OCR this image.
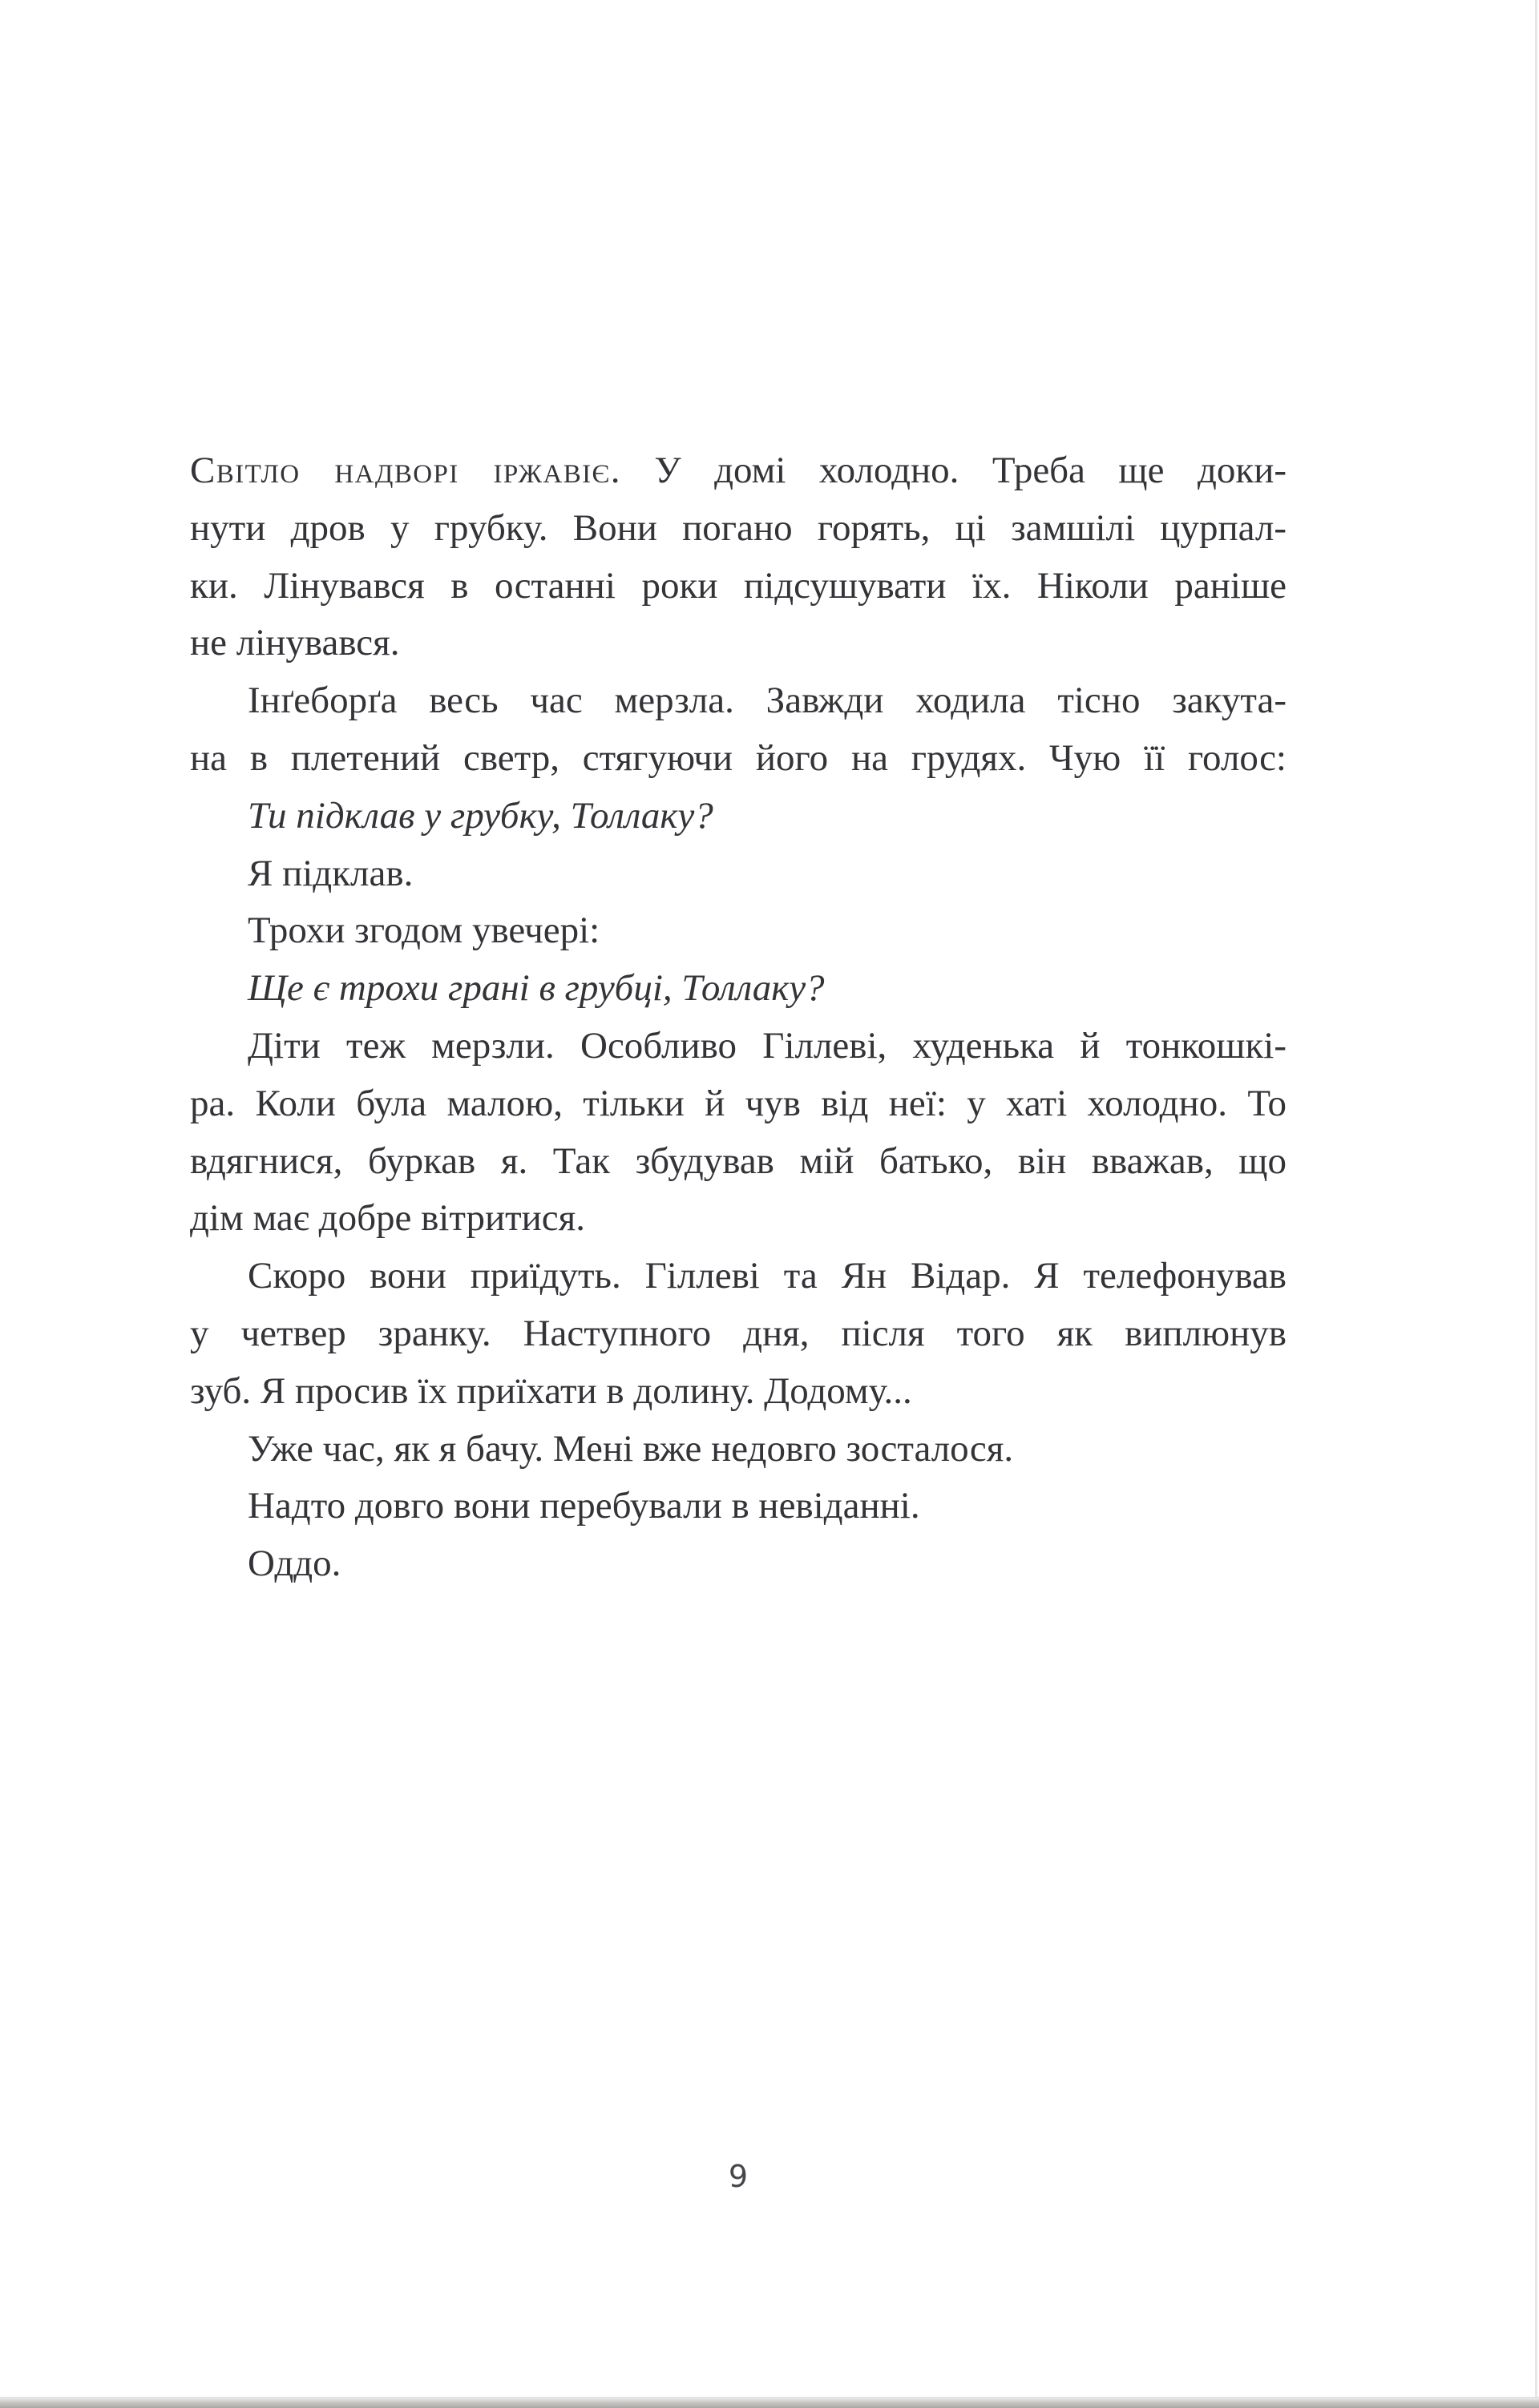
Світло надворі іржавіє. У домі холодно. Треба ще доки-
нути дров у грубку. Вони погано горять, ці замшілі цурпал-
ки. Лінувався в останні роки підсушувати їх. Ніколи раніше
не лінувався.
Інґеборґа весь час мерзла. Завжди ходила тісно закута-
на в плетений светр, стягуючи його на грудях. Чую її голос:
Ти підклав у грубку, Толлаку?
Я підклав.
Трохи згодом увечері:
Ще є трохи грані в грубці, Толлаку?
Діти теж мерзли. Особливо Гіллеві, худенька й тонкошкі-
ра. Коли була малою, тільки й чув від неї: у хаті холодно. То
вдягнися, буркав я. Так збудував мій батько, він вважав, що
дім має добре вітритися.
Скоро вони приїдуть. Гіллеві та Ян Відар. Я телефонував
у четвер зранку. Наступного дня, після того як виплюнув
зуб. Я просив їх приїхати в долину. Додому...
Уже час, як я бачу. Мені вже недовго зосталося.
Надто довго вони перебували в невіданні.
Оддо.
9
